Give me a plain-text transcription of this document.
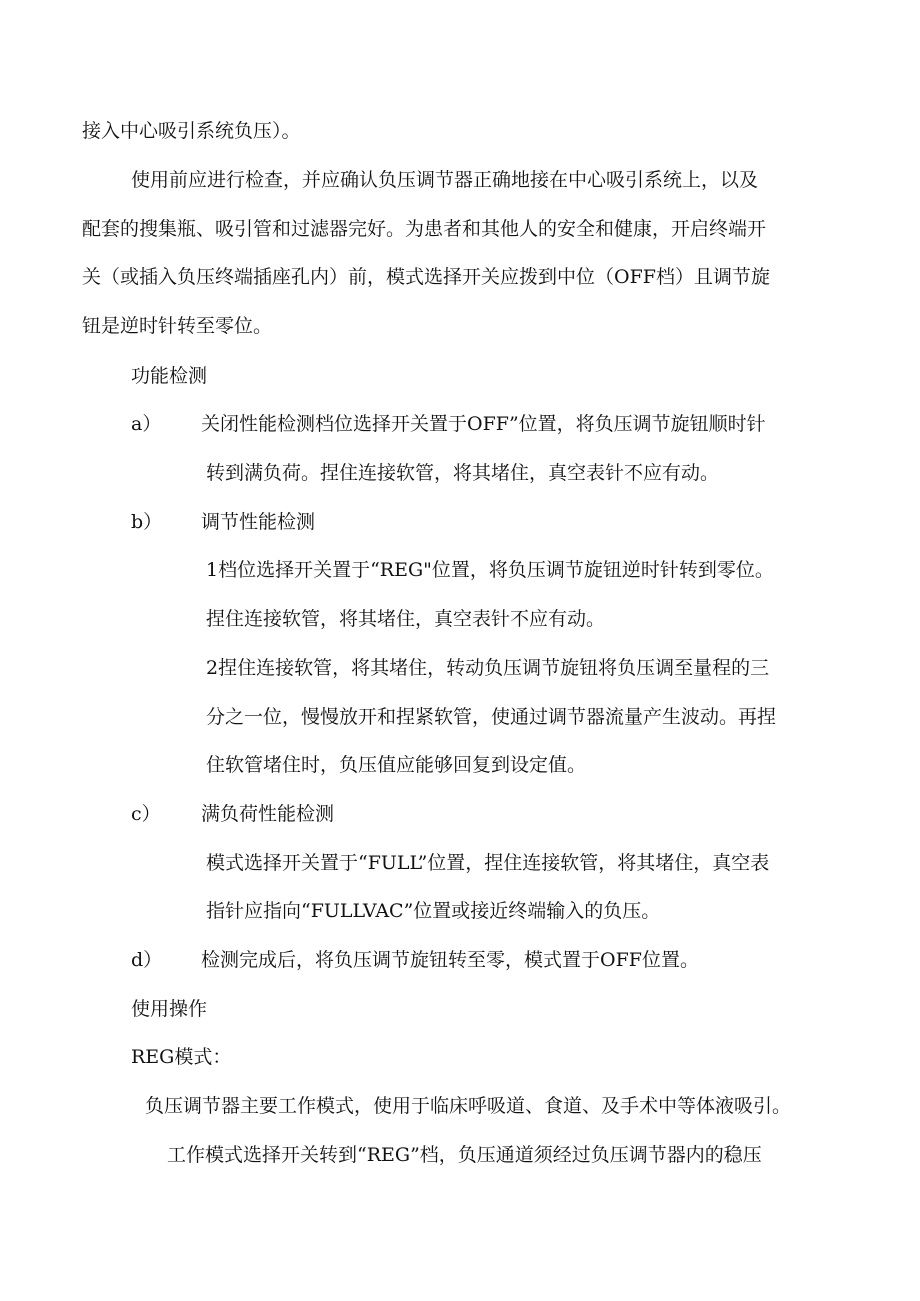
接入中心吸引系统负压）。

使用前应进行检查，并应确认负压调节器正确地接在中心吸引系统上，以及

配套的搜集瓶、吸引管和过滤器完好。为患者和其他人的安全和健康，开启终端开

关（或插入负压终端插座孔内）前，模式选择开关应拨到中位（OFF档）且调节旋

钮是逆时针转至零位。

功能检测

a） 关闭性能检测档位选择开关置于OFF”位置，将负压调节旋钮顺时针

转到满负荷。捏住连接软管，将其堵住，真空表针不应有动。

b） 调节性能检测

1档位选择开关置于“REG"位置，将负压调节旋钮逆时针转到零位。

捏住连接软管，将其堵住，真空表针不应有动。

2捏住连接软管，将其堵住，转动负压调节旋钮将负压调至量程的三

分之一位，慢慢放开和捏紧软管，使通过调节器流量产生波动。再捏

住软管堵住时，负压值应能够回复到设定值。

c） 满负荷性能检测

模式选择开关置于“FULL”位置，捏住连接软管，将其堵住，真空表

指针应指向“FULLVAC”位置或接近终端输入的负压。

d） 检测完成后，将负压调节旋钮转至零，模式置于OFF位置。

使用操作

REG模式：

负压调节器主要工作模式，使用于临床呼吸道、食道、及手术中等体液吸引。

工作模式选择开关转到“REG”档，负压通道须经过负压调节器内的稳压
